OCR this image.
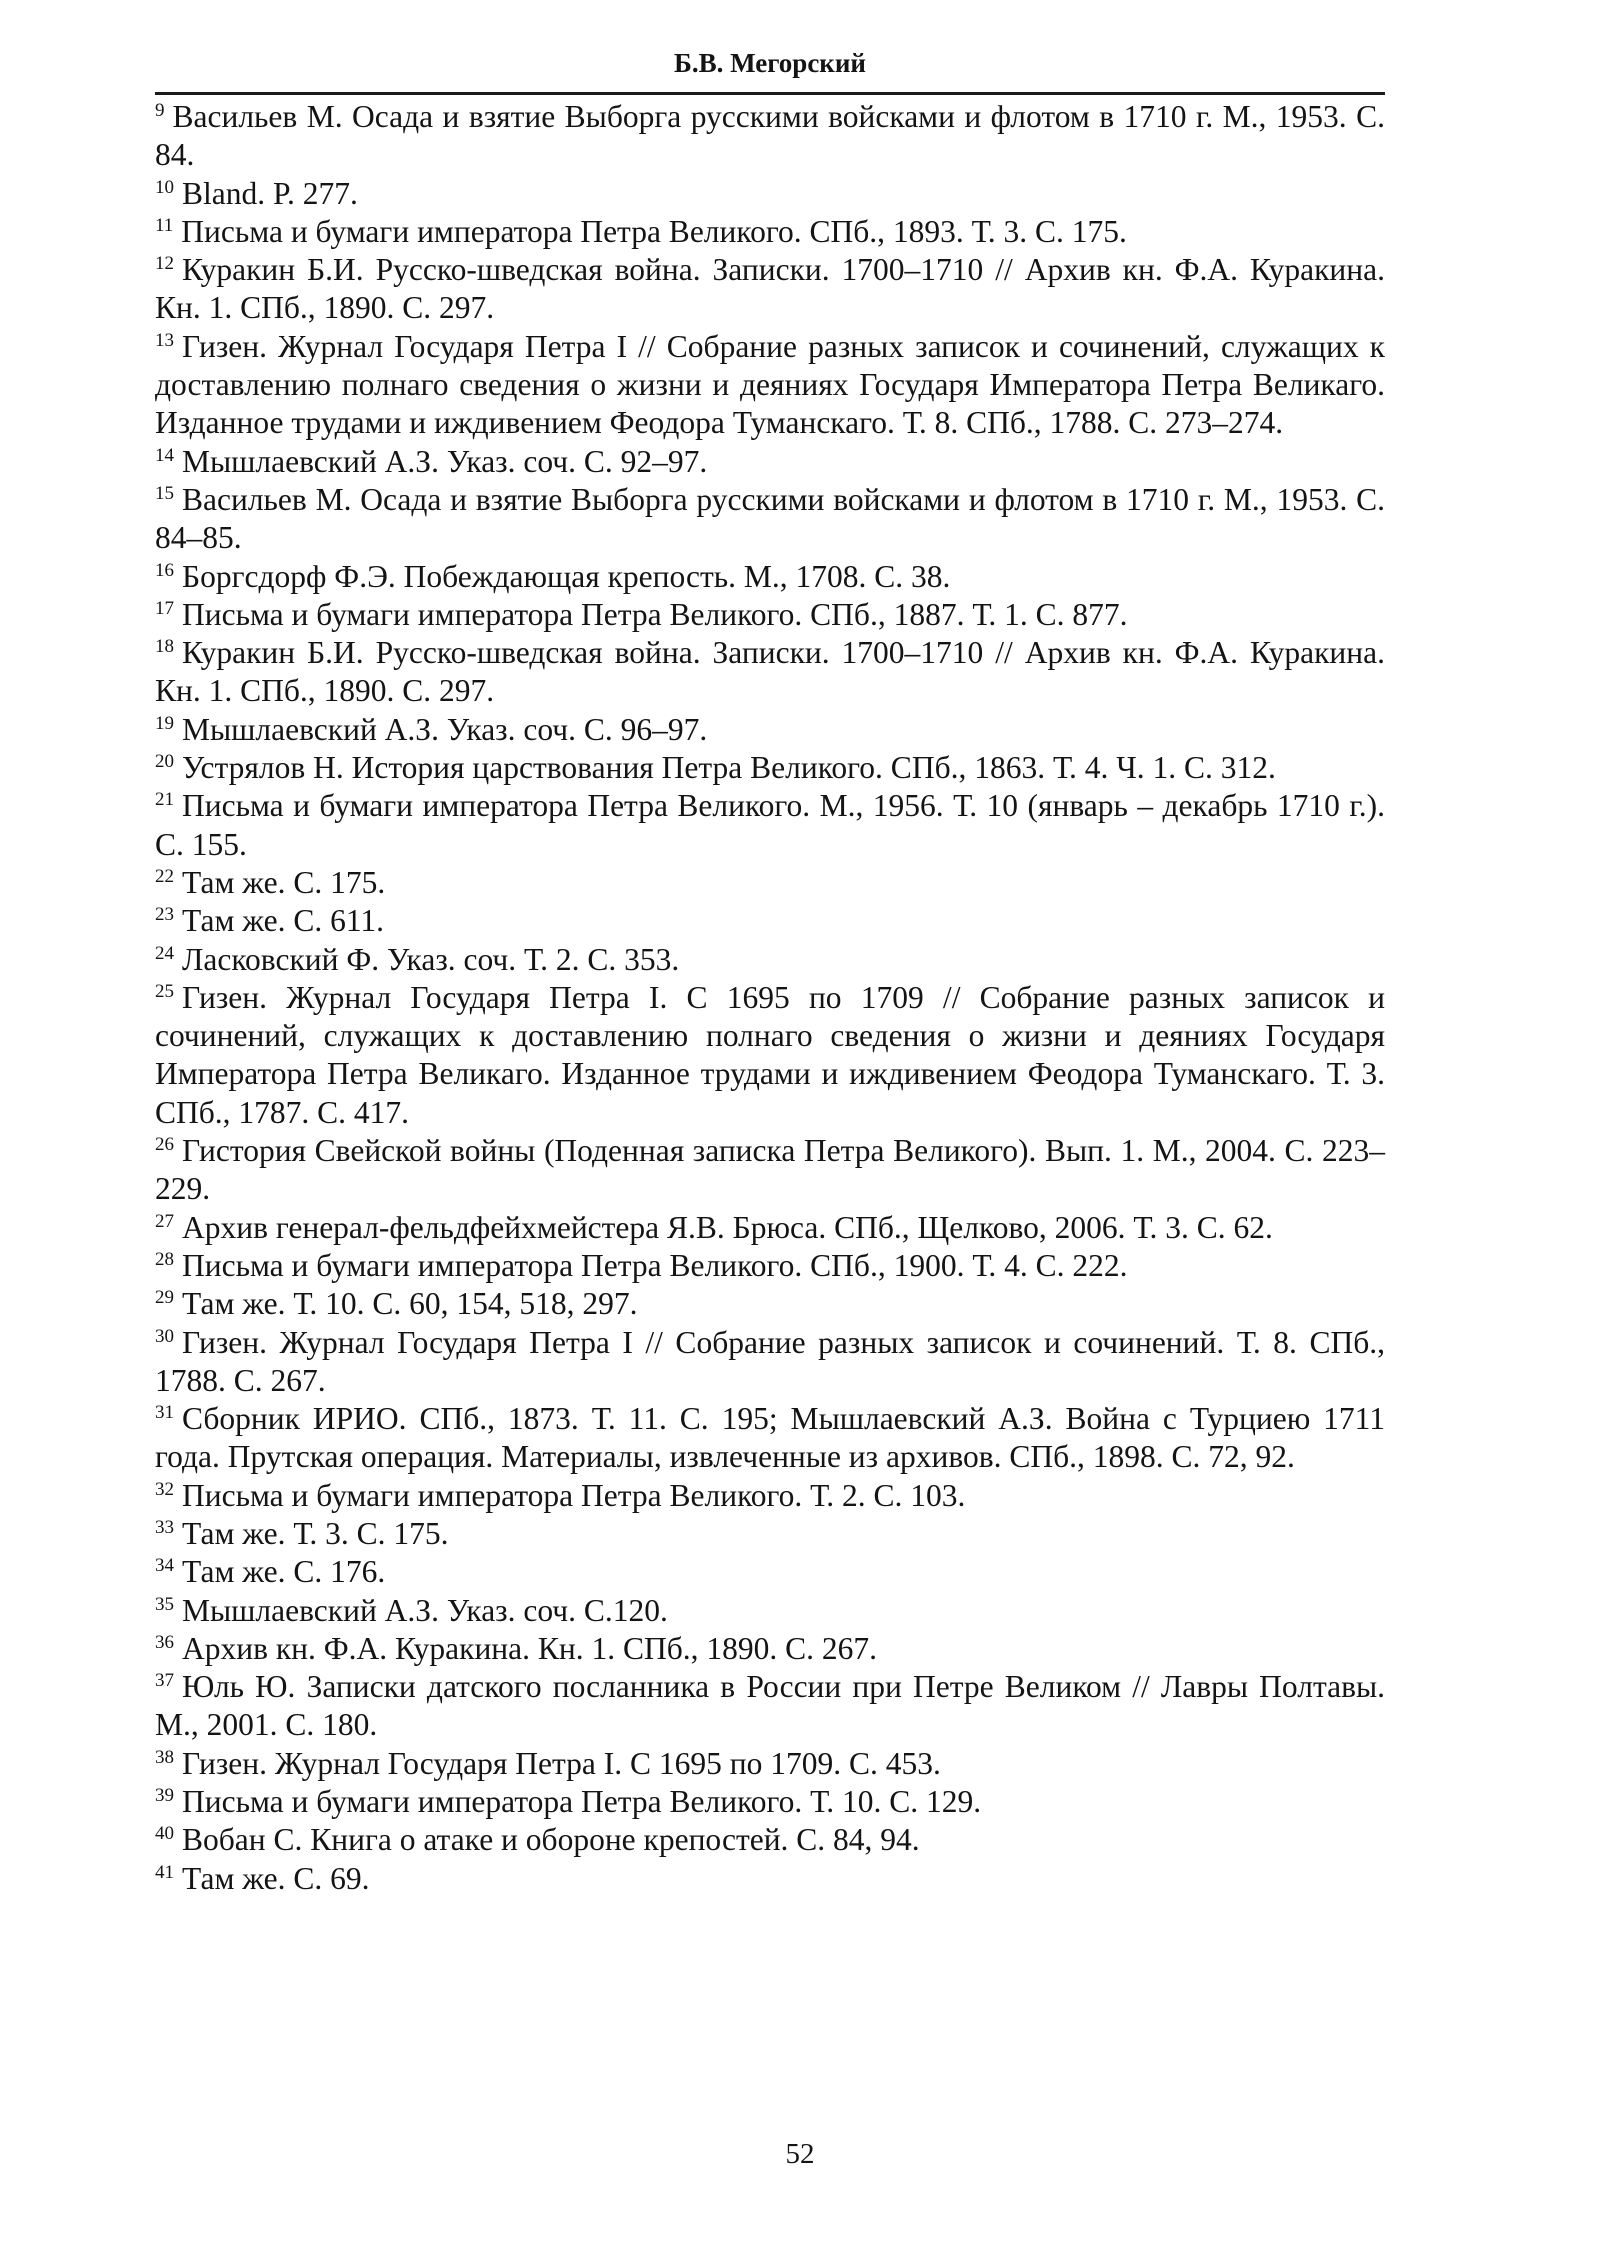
Б.В. Мегорский

$^9$ Васильев М. Осада и взятие Выборга русскими войсками и флотом в 1710 г. М., 1953. С. 84.

$^{10}$ Bland. P. 277.

$^{11}$ Письма и бумаги императора Петра Великого. СПб., 1893. Т. 3. С. 175.

$^{12}$ Куракин Б.И. Русско-шведская война. Записки. 1700–1710 // Архив кн. Ф.А. Куракина. Кн. 1. СПб., 1890. С. 297.

$^{13}$ Гизен. Журнал Государя Петра I // Собрание разных записок и сочинений, служащих к доставлению полнаго сведения о жизни и деяниях Государя Императора Петра Великаго. Изданное трудами и иждивением Феодора Туманскаго. Т. 8. СПб., 1788. С. 273–274.

$^{14}$ Мышлаевский А.З. Указ. соч. С. 92–97.

$^{15}$ Васильев М. Осада и взятие Выборга русскими войсками и флотом в 1710 г. М., 1953. С. 84–85.

$^{16}$ Боргсдорф Ф.Э. Побеждающая крепость. М., 1708. С. 38.

$^{17}$ Письма и бумаги императора Петра Великого. СПб., 1887. Т. 1. С. 877.

$^{18}$ Куракин Б.И. Русско-шведская война. Записки. 1700–1710 // Архив кн. Ф.А. Куракина. Кн. 1. СПб., 1890. С. 297.

$^{19}$ Мышлаевский А.З. Указ. соч. С. 96–97.

$^{20}$ Устрялов Н. История царствования Петра Великого. СПб., 1863. Т. 4. Ч. 1. С. 312.

$^{21}$ Письма и бумаги императора Петра Великого. М., 1956. Т. 10 (январь – декабрь 1710 г.). С. 155.

$^{22}$ Там же. С. 175.

$^{23}$ Там же. С. 611.

$^{24}$ Ласковский Ф. Указ. соч. Т. 2. С. 353.

$^{25}$ Гизен. Журнал Государя Петра I. С 1695 по 1709 // Собрание разных записок и сочинений, служащих к доставлению полнаго сведения о жизни и деяниях Государя Императора Петра Великаго. Изданное трудами и иждивением Феодора Туманскаго. Т. 3. СПб., 1787. С. 417.

$^{26}$ Гистория Свейской войны (Поденная записка Петра Великого). Вып. 1. М., 2004. С. 223–229.

$^{27}$ Архив генерал-фельдфейхмейстера Я.В. Брюса. СПб., Щелково, 2006. Т. 3. С. 62.

$^{28}$ Письма и бумаги императора Петра Великого. СПб., 1900. Т. 4. С. 222.

$^{29}$ Там же. Т. 10. С. 60, 154, 518, 297.

$^{30}$ Гизен. Журнал Государя Петра I // Собрание разных записок и сочинений. Т. 8. СПб., 1788. С. 267.

$^{31}$ Сборник ИРИО. СПб., 1873. Т. 11. С. 195; Мышлаевский А.З. Война с Турциею 1711 года. Прутская операция. Материалы, извлеченные из архивов. СПб., 1898. С. 72, 92.

$^{32}$ Письма и бумаги императора Петра Великого. Т. 2. С. 103.

$^{33}$ Там же. Т. 3. С. 175.

$^{34}$ Там же. С. 176.

$^{35}$ Мышлаевский А.З. Указ. соч. С.120.

$^{36}$ Архив кн. Ф.А. Куракина. Кн. 1. СПб., 1890. С. 267.

$^{37}$ Юль Ю. Записки датского посланника в России при Петре Великом // Лавры Полтавы. М., 2001. С. 180.

$^{38}$ Гизен. Журнал Государя Петра I. С 1695 по 1709. С. 453.

$^{39}$ Письма и бумаги императора Петра Великого. Т. 10. С. 129.

$^{40}$ Вобан С. Книга о атаке и обороне крепостей. С. 84, 94.

$^{41}$ Там же. С. 69.

52
